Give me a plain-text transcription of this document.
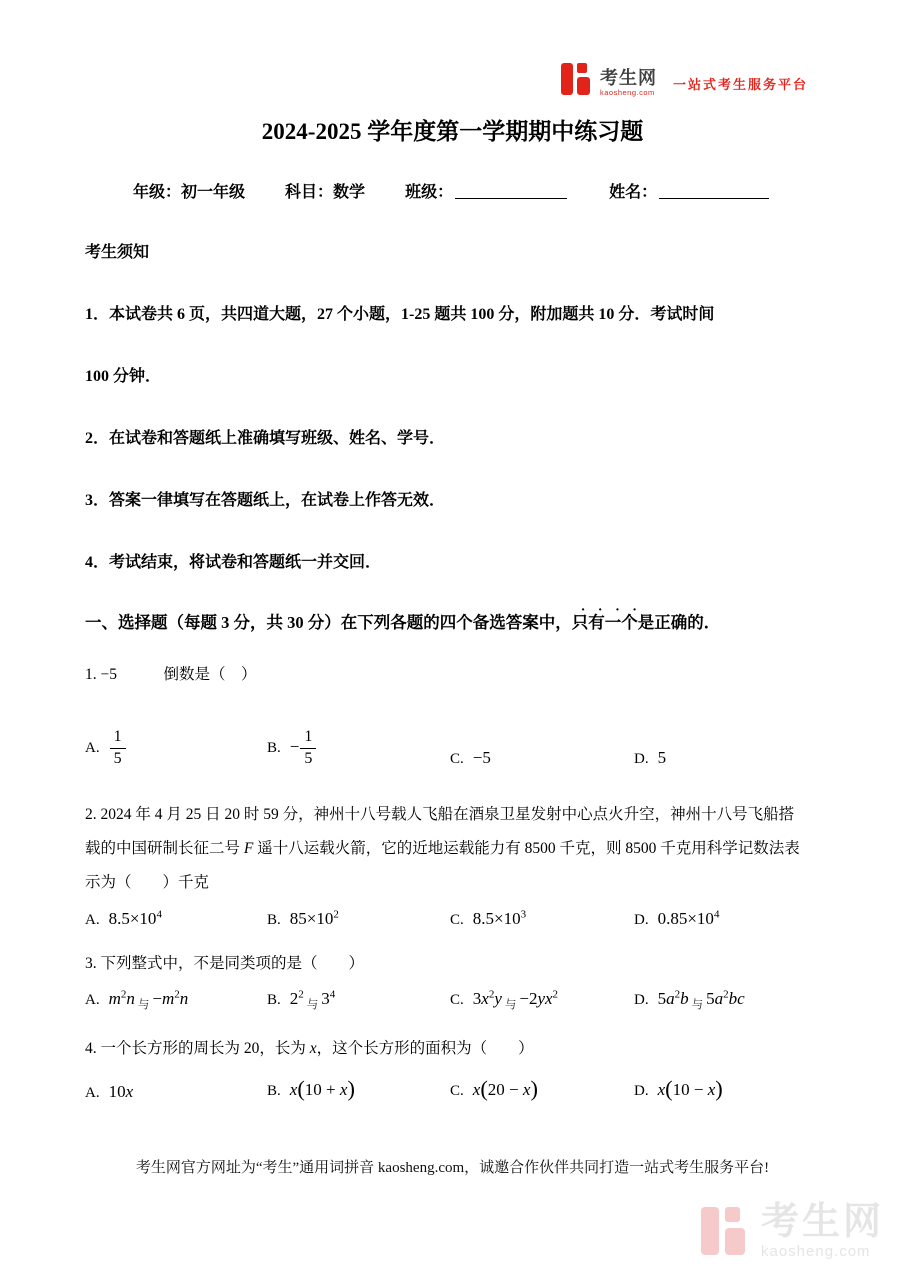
考生网
kaosheng.com 一站式考生服务平台
2024-2025 学年度第一学期期中练习题
年级：初一年级	科目：数学	班级：	姓名：
考生须知
1．本试卷共 6 页，共四道大题，27 个小题，1-25 题共 100 分，附加题共 10 分．考试时间
100 分钟．
2．在试卷和答题纸上准确填写班级、姓名、学号．
3．答案一律填写在答题纸上，在试卷上作答无效．
4．考试结束，将试卷和答题纸一并交回．
一、选择题（每题 3 分，共 30 分）在下列各题的四个备选答案中，
····
只有一个是正确的．
1. −5　　　倒数是（　）
A. $\frac{1}{5}$	B. − $\frac{1}{5}$	C. −5	D. 5
2. 2024 年 4 月 25 日 20 时 59 分，神州十八号载人飞船在酒泉卫星发射中心点火升空，神州十八号飞船搭
载的中国研制长征二号 F 遥十八运载火箭，它的近地运载能力有 8500 千克，则 8500 千克用科学记数法表
示为（　　）千克
A. $8.5\times 10^4$	B. $85\times 10^2$	C. $8.5\times 10^3$	D. $0.85\times 10^4$
3. 下列整式中，不是同类项的是（　　）
A. $m^2n$ $_与 -m^2n$	B. $2^2_与$ $3^4$	C. $3x^2y$ $_与 -2yx^2$	D. $5a^2b$ $_与$ $5a^2bc$
4. 一个长方形的周长为 20，长为 x，这个长方形的面积为（　　）
A. 10x	B. x(10 + x)	C. x(20 − x)	D. x(10 − x)
考生网官方网址为“考生”通用词拼音 kaosheng.com，诚邀合作伙伴共同打造一站式考生服务平台!
考生网
kaosheng.com
